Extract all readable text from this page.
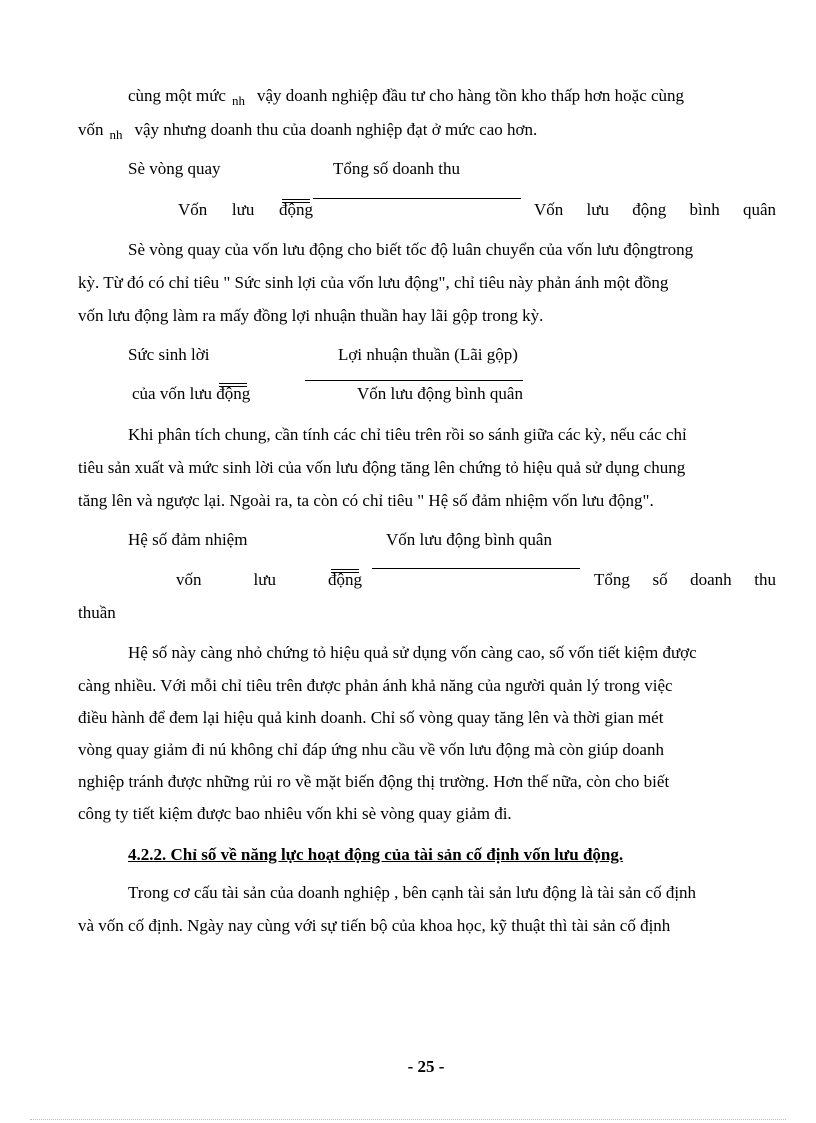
cùng một mức $_{nh}$ vậy doanh nghiệp đầu tư cho hàng tồn kho thấp hơn hoặc cùng
vốn $_{nh}$ vậy nhưng doanh thu của doanh nghiệp đạt ở mức cao hơn.
Sè vòng quay	Tổng số doanh thu
Vốn lưu động	Vốn lưu động bình quân
Sè vòng quay của vốn lưu động cho biết tốc độ luân chuyển của vốn lưu độngtrong
kỳ. Từ đó có chỉ tiêu " Sức sinh lợi của vốn lưu động", chỉ tiêu này phản ánh một đồng
vốn lưu động làm ra mấy đồng lợi nhuận thuần hay lãi gộp trong kỳ.
Sức sinh lời	Lợi nhuận thuần (Lãi gộp)
của vốn lưu động	Vốn lưu động bình quân
Khi phân tích chung, cần tính các chỉ tiêu trên rồi so sánh giữa các kỳ, nếu các chỉ
tiêu sản xuất và mức sinh lời của vốn lưu động tăng lên chứng tỏ hiệu quả sử dụng chung
tăng lên và ngược lại. Ngoài ra, ta còn có chỉ tiêu " Hệ số đảm nhiệm vốn lưu động".
Hệ số đảm nhiệm	Vốn lưu động bình quân
vốn	lưu	động	Tổng số doanh thu
thuần
Hệ số này càng nhỏ chứng tỏ hiệu quả sử dụng vốn càng cao, số vốn tiết kiệm được
càng nhiều. Với mỗi chỉ tiêu trên được phản ánh khả năng của người quản lý trong việc
điều hành để đem lại hiệu quả kinh doanh. Chỉ số vòng quay tăng lên và thời gian mét
vòng quay giảm đi nú không chỉ đáp ứng nhu cầu về vốn lưu động mà còn giúp doanh
nghiệp tránh được những rủi ro về mặt biến động thị trường. Hơn thế nữa, còn cho biết
công ty tiết kiệm được bao nhiêu vốn khi sè vòng quay giảm đi.
4.2.2. Chỉ số về năng lực hoạt động của tài sản cố định vốn lưu động.
Trong cơ cấu tài sản của doanh nghiệp , bên cạnh tài sản lưu động là tài sản cố định
và vốn cố định. Ngày nay cùng với sự tiến bộ của khoa học, kỹ thuật thì tài sản cố định
- 25 -
